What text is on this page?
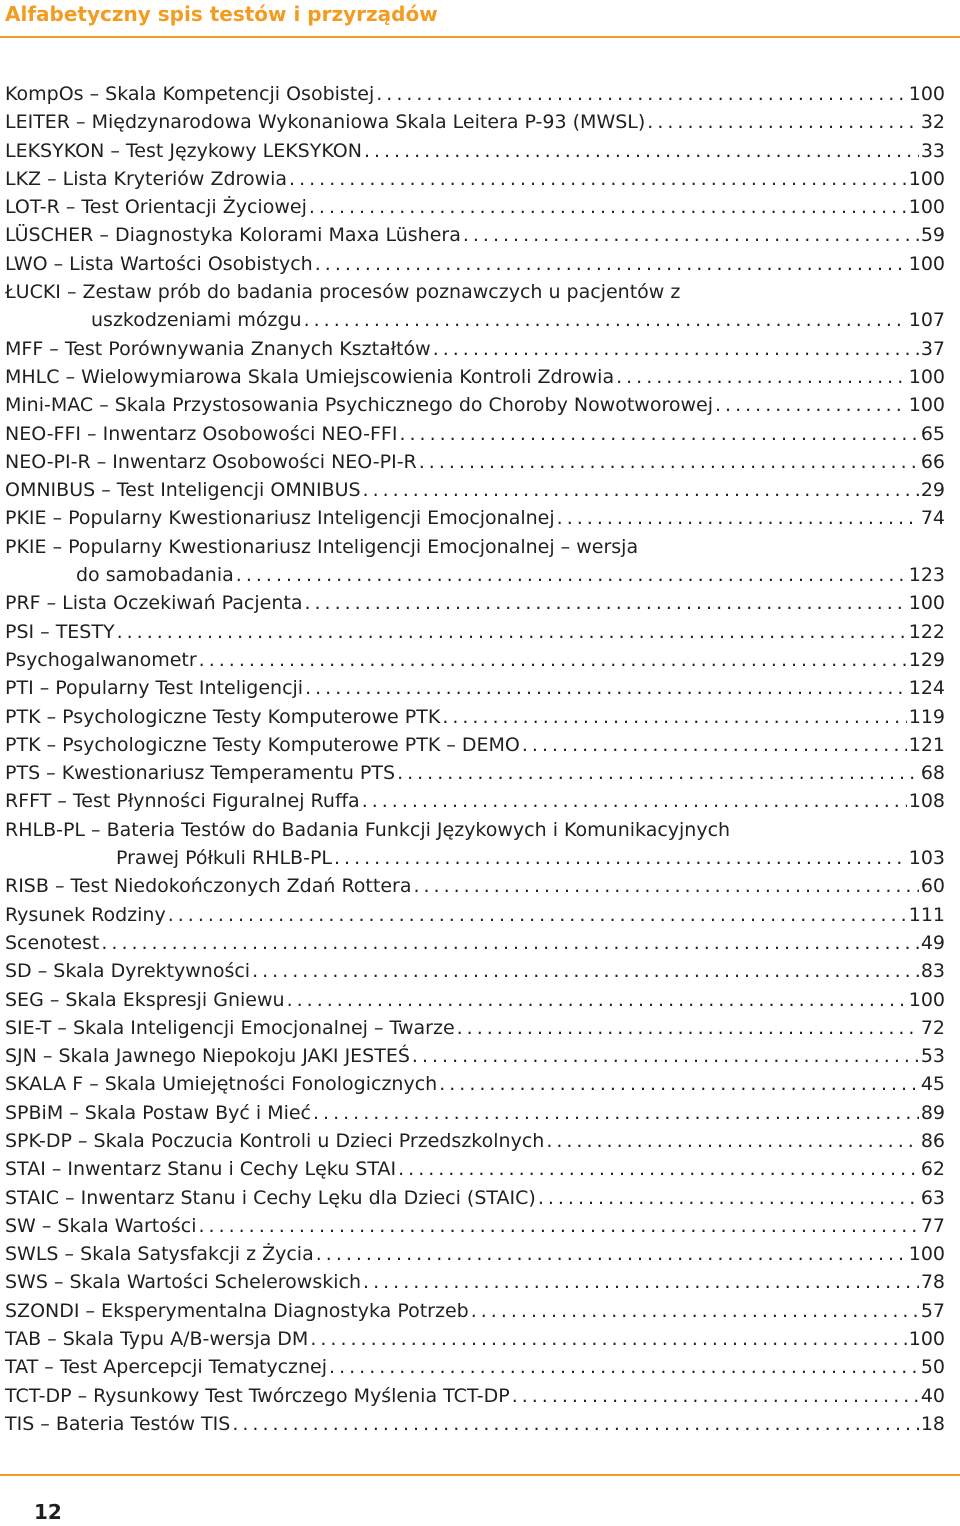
Alfabetyczny spis testów i przyrządów
KompOs – Skala Kompetencji Osobistej .....	100
LEITER – Międzynarodowa Wykonaniowa Skala Leitera P-93 (MWSL) .....	32
LEKSYKON – Test Językowy LEKSYKON .....	33
LKZ – Lista Kryteriów Zdrowia .....	100
LOT-R – Test Orientacji Życiowej .....	100
LÜSCHER – Diagnostyka Kolorami Maxa Lüshera .....	59
LWO – Lista Wartości Osobistych .....	100
ŁUCKI – Zestaw prób do badania procesów poznawczych u pacjentów z
uszkodzeniami mózgu .....	107
MFF – Test Porównywania Znanych Kształtów .....	37
MHLC – Wielowymiarowa Skala Umiejscowienia Kontroli Zdrowia .....	100
Mini-MAC – Skala Przystosowania Psychicznego do Choroby Nowotworowej .....	100
NEO-FFI – Inwentarz Osobowości NEO-FFI .....	65
NEO-PI-R – Inwentarz Osobowości NEO-PI-R .....	66
OMNIBUS – Test Inteligencji OMNIBUS .....	29
PKIE – Popularny Kwestionariusz Inteligencji Emocjonalnej .....	74
PKIE – Popularny Kwestionariusz Inteligencji Emocjonalnej – wersja
do samobadania .....	123
PRF – Lista Oczekiwań Pacjenta .....	100
PSI – TESTY .....	122
Psychogalwanometr .....	129
PTI – Popularny Test Inteligencji .....	124
PTK – Psychologiczne Testy Komputerowe PTK .....	119
PTK – Psychologiczne Testy Komputerowe PTK – DEMO .....	121
PTS – Kwestionariusz Temperamentu PTS .....	68
RFFT – Test Płynności Figuralnej Ruffa .....	108
RHLB-PL – Bateria Testów do Badania Funkcji Językowych i Komunikacyjnych
Prawej Półkuli RHLB-PL .....	103
RISB – Test Niedokończonych Zdań Rottera .....	60
Rysunek Rodziny .....	111
Scenotest .....	49
SD – Skala Dyrektywności .....	83
SEG – Skala Ekspresji Gniewu .....	100
SIE-T – Skala Inteligencji Emocjonalnej – Twarze .....	72
SJN – Skala Jawnego Niepokoju JAKI JESTEŚ .....	53
SKALA F – Skala Umiejętności Fonologicznych .....	45
SPBiM – Skala Postaw Być i Mieć .....	89
SPK-DP – Skala Poczucia Kontroli u Dzieci Przedszkolnych .....	86
STAI – Inwentarz Stanu i Cechy Lęku STAI .....	62
STAIC – Inwentarz Stanu i Cechy Lęku dla Dzieci (STAIC) .....	63
SW – Skala Wartości .....	77
SWLS – Skala Satysfakcji z Życia .....	100
SWS – Skala Wartości Schelerowskich .....	78
SZONDI – Eksperymentalna Diagnostyka Potrzeb .....	57
TAB – Skala Typu A/B-wersja DM .....	100
TAT – Test Apercepcji Tematycznej .....	50
TCT-DP – Rysunkowy Test Twórczego Myślenia TCT-DP .....	40
TIS – Bateria Testów TIS .....	18
12
